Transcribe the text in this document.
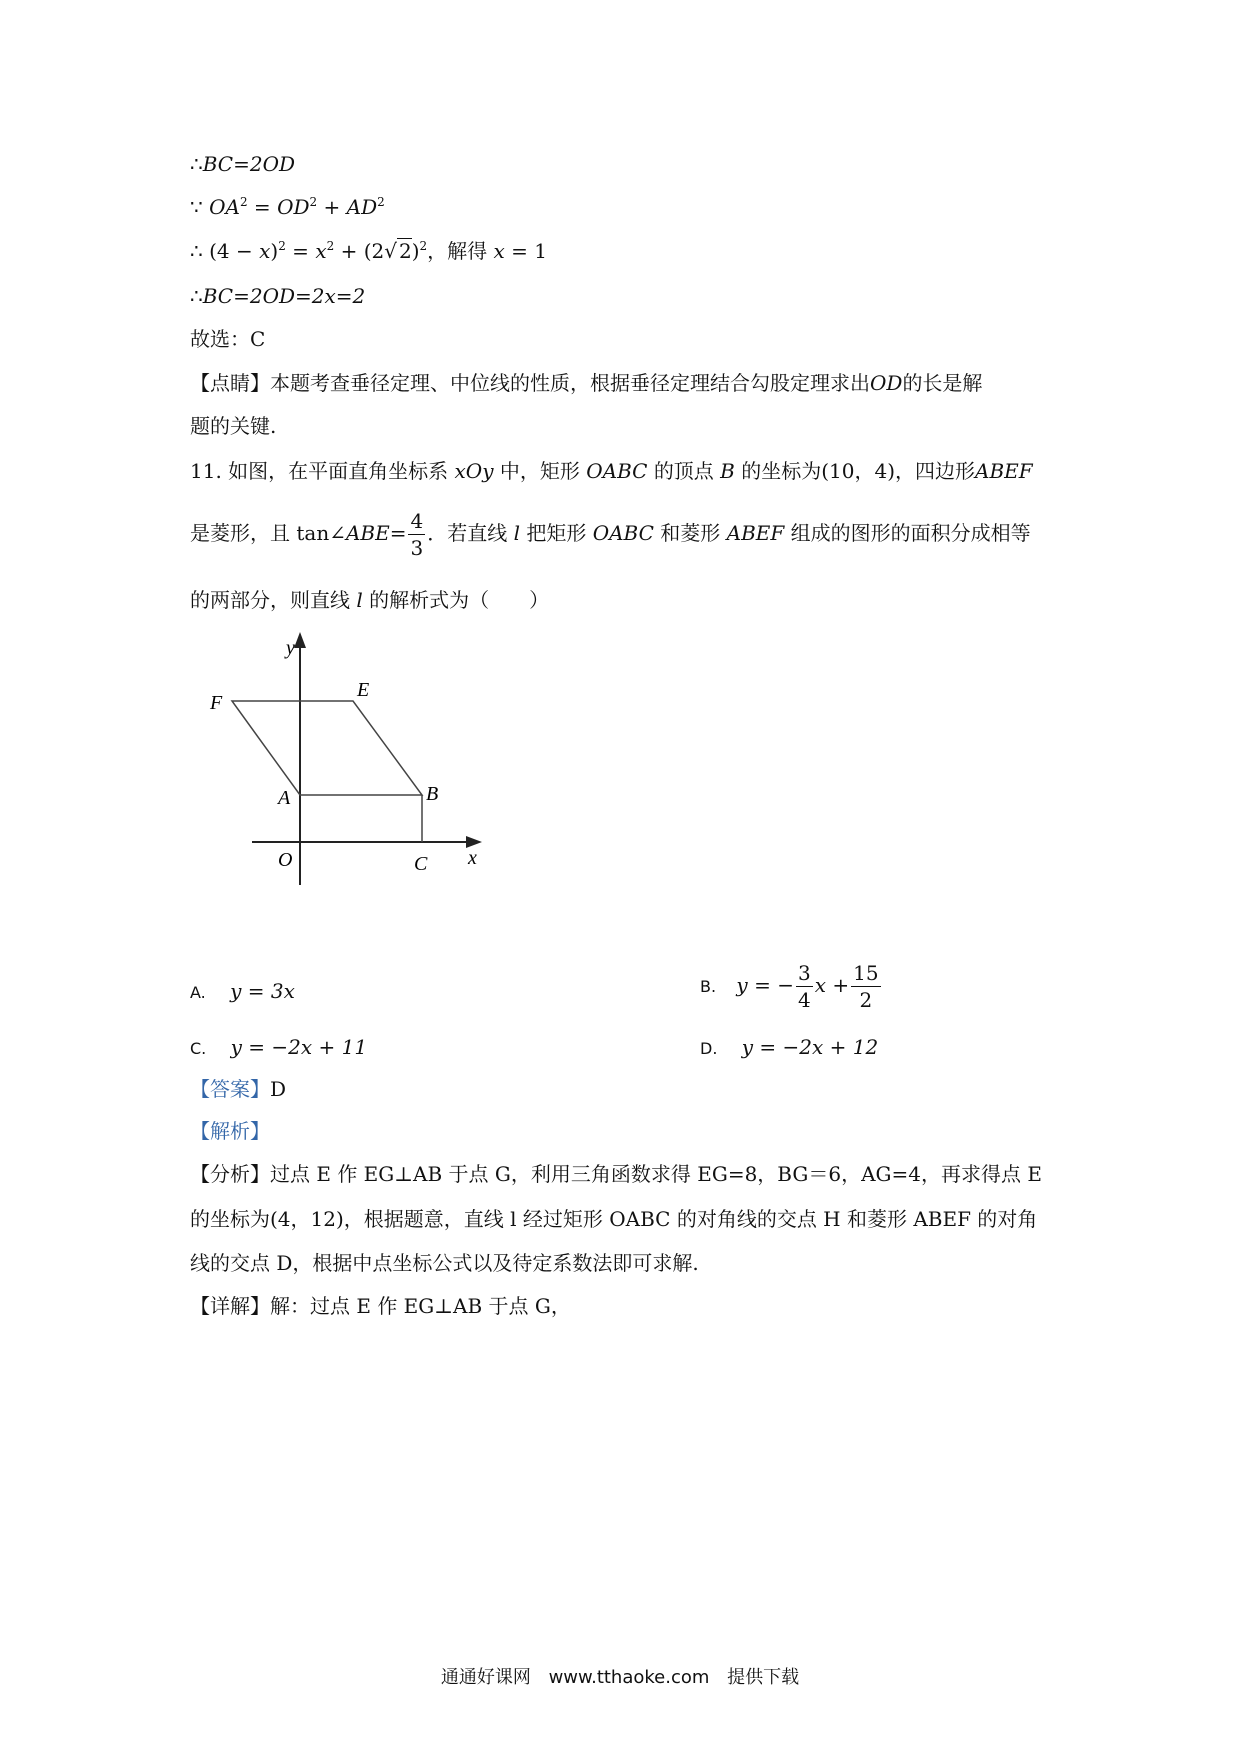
∴BC=2OD
∵ $OA^2 = OD^2 + AD^2$
∴ $(4 - x)^2 = x^2 + (2√$ 2)$^2$，解得 x = 1
∴BC=2OD=2x=2
故选：C
【点睛】本题考查垂径定理、中位线的性质，根据垂径定理结合勾股定理求出OD的长是解
题的关键.
11. 如图，在平面直角坐标系 xOy 中，矩形 OABC 的顶点 B 的坐标为(10，4)，四边形ABEF
是菱形，且 tan∠ABE= $\frac{4}{3}$ ．若直线 l 把矩形 OABC 和菱形 ABEF 组成的图形的面积分成相等
的两部分，则直线 l 的解析式为（　　）
y
F
E
A	B
O	C x
A. y = 3x	B. y = − $\frac{3}{4}$ $x + \frac{15}{2}$
C. y = −2x + 11	D. y = −2x + 12
【答案】D
【解析】
【分析】过点 E 作 EG⊥AB 于点 G，利用三角函数求得 EG=8，BG＝6，AG=4，再求得点 E
的坐标为(4，12)，根据题意，直线 l 经过矩形 OABC 的对角线的交点 H 和菱形 ABEF 的对角
线的交点 D，根据中点坐标公式以及待定系数法即可求解.
【详解】解：过点 E 作 EG⊥AB 于点 G，
通通好课网 www.tthaoke.com 提供下载
